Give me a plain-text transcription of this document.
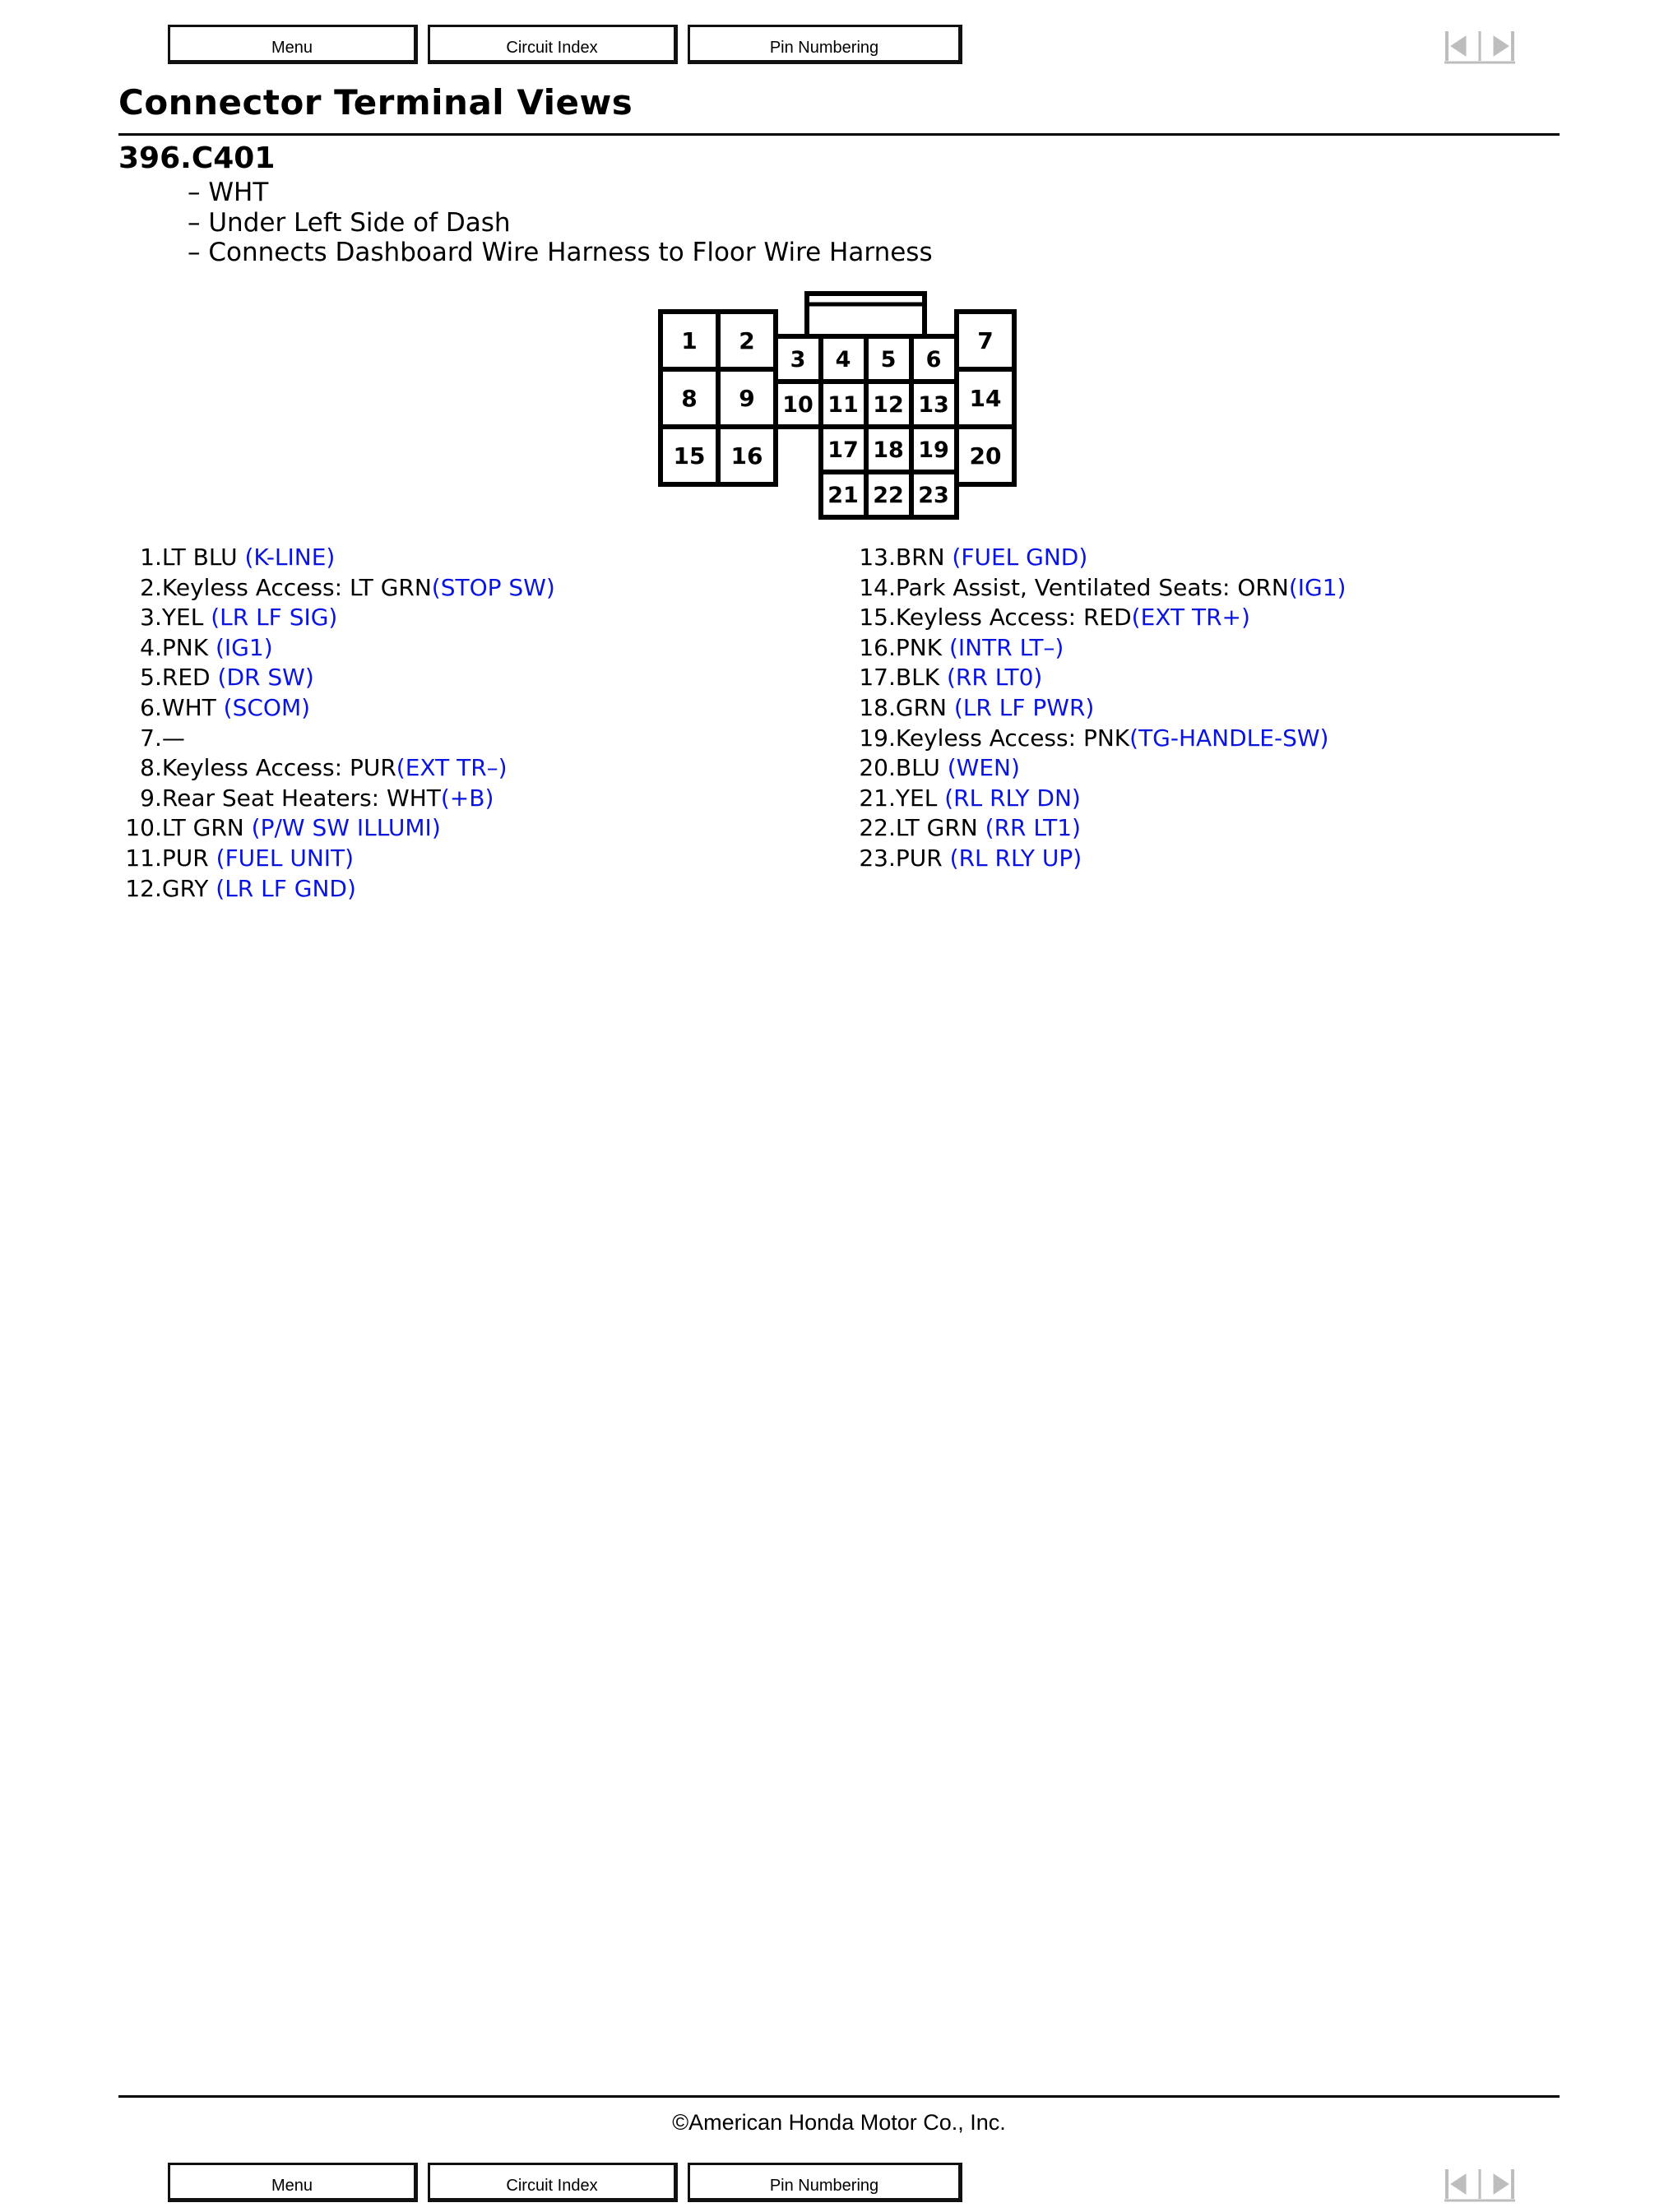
Menu	Circuit Index	Pin Numbering
Connector Terminal Views
396.C401
– WHT
– Under Left Side of Dash
– Connects Dashboard Wire Harness to Floor Wire Harness
1 2	7
8 9	14
15 16	20
3 4 5 6
10 11 12 13
17 18 19
21 22 23
1.LT BLU (K-LINE)
2.Keyless Access: LT GRN(STOP SW)
3.YEL (LR LF SIG)
4.PNK (IG1)
5.RED (DR SW)
6.WHT (SCOM)
7.—
8.Keyless Access: PUR(EXT TR–)
9.Rear Seat Heaters: WHT(+B)
10.LT GRN (P/W SW ILLUMI)
11.PUR (FUEL UNIT)
12.GRY (LR LF GND)
13.BRN (FUEL GND)
14.Park Assist, Ventilated Seats: ORN(IG1)
15.Keyless Access: RED(EXT TR+)
16.PNK (INTR LT–)
17.BLK (RR LT0)
18.GRN (LR LF PWR)
19.Keyless Access: PNK(TG-HANDLE-SW)
20.BLU (WEN)
21.YEL (RL RLY DN)
22.LT GRN (RR LT1)
23.PUR (RL RLY UP)
©American Honda Motor Co., Inc.
Menu	Circuit Index	Pin Numbering
